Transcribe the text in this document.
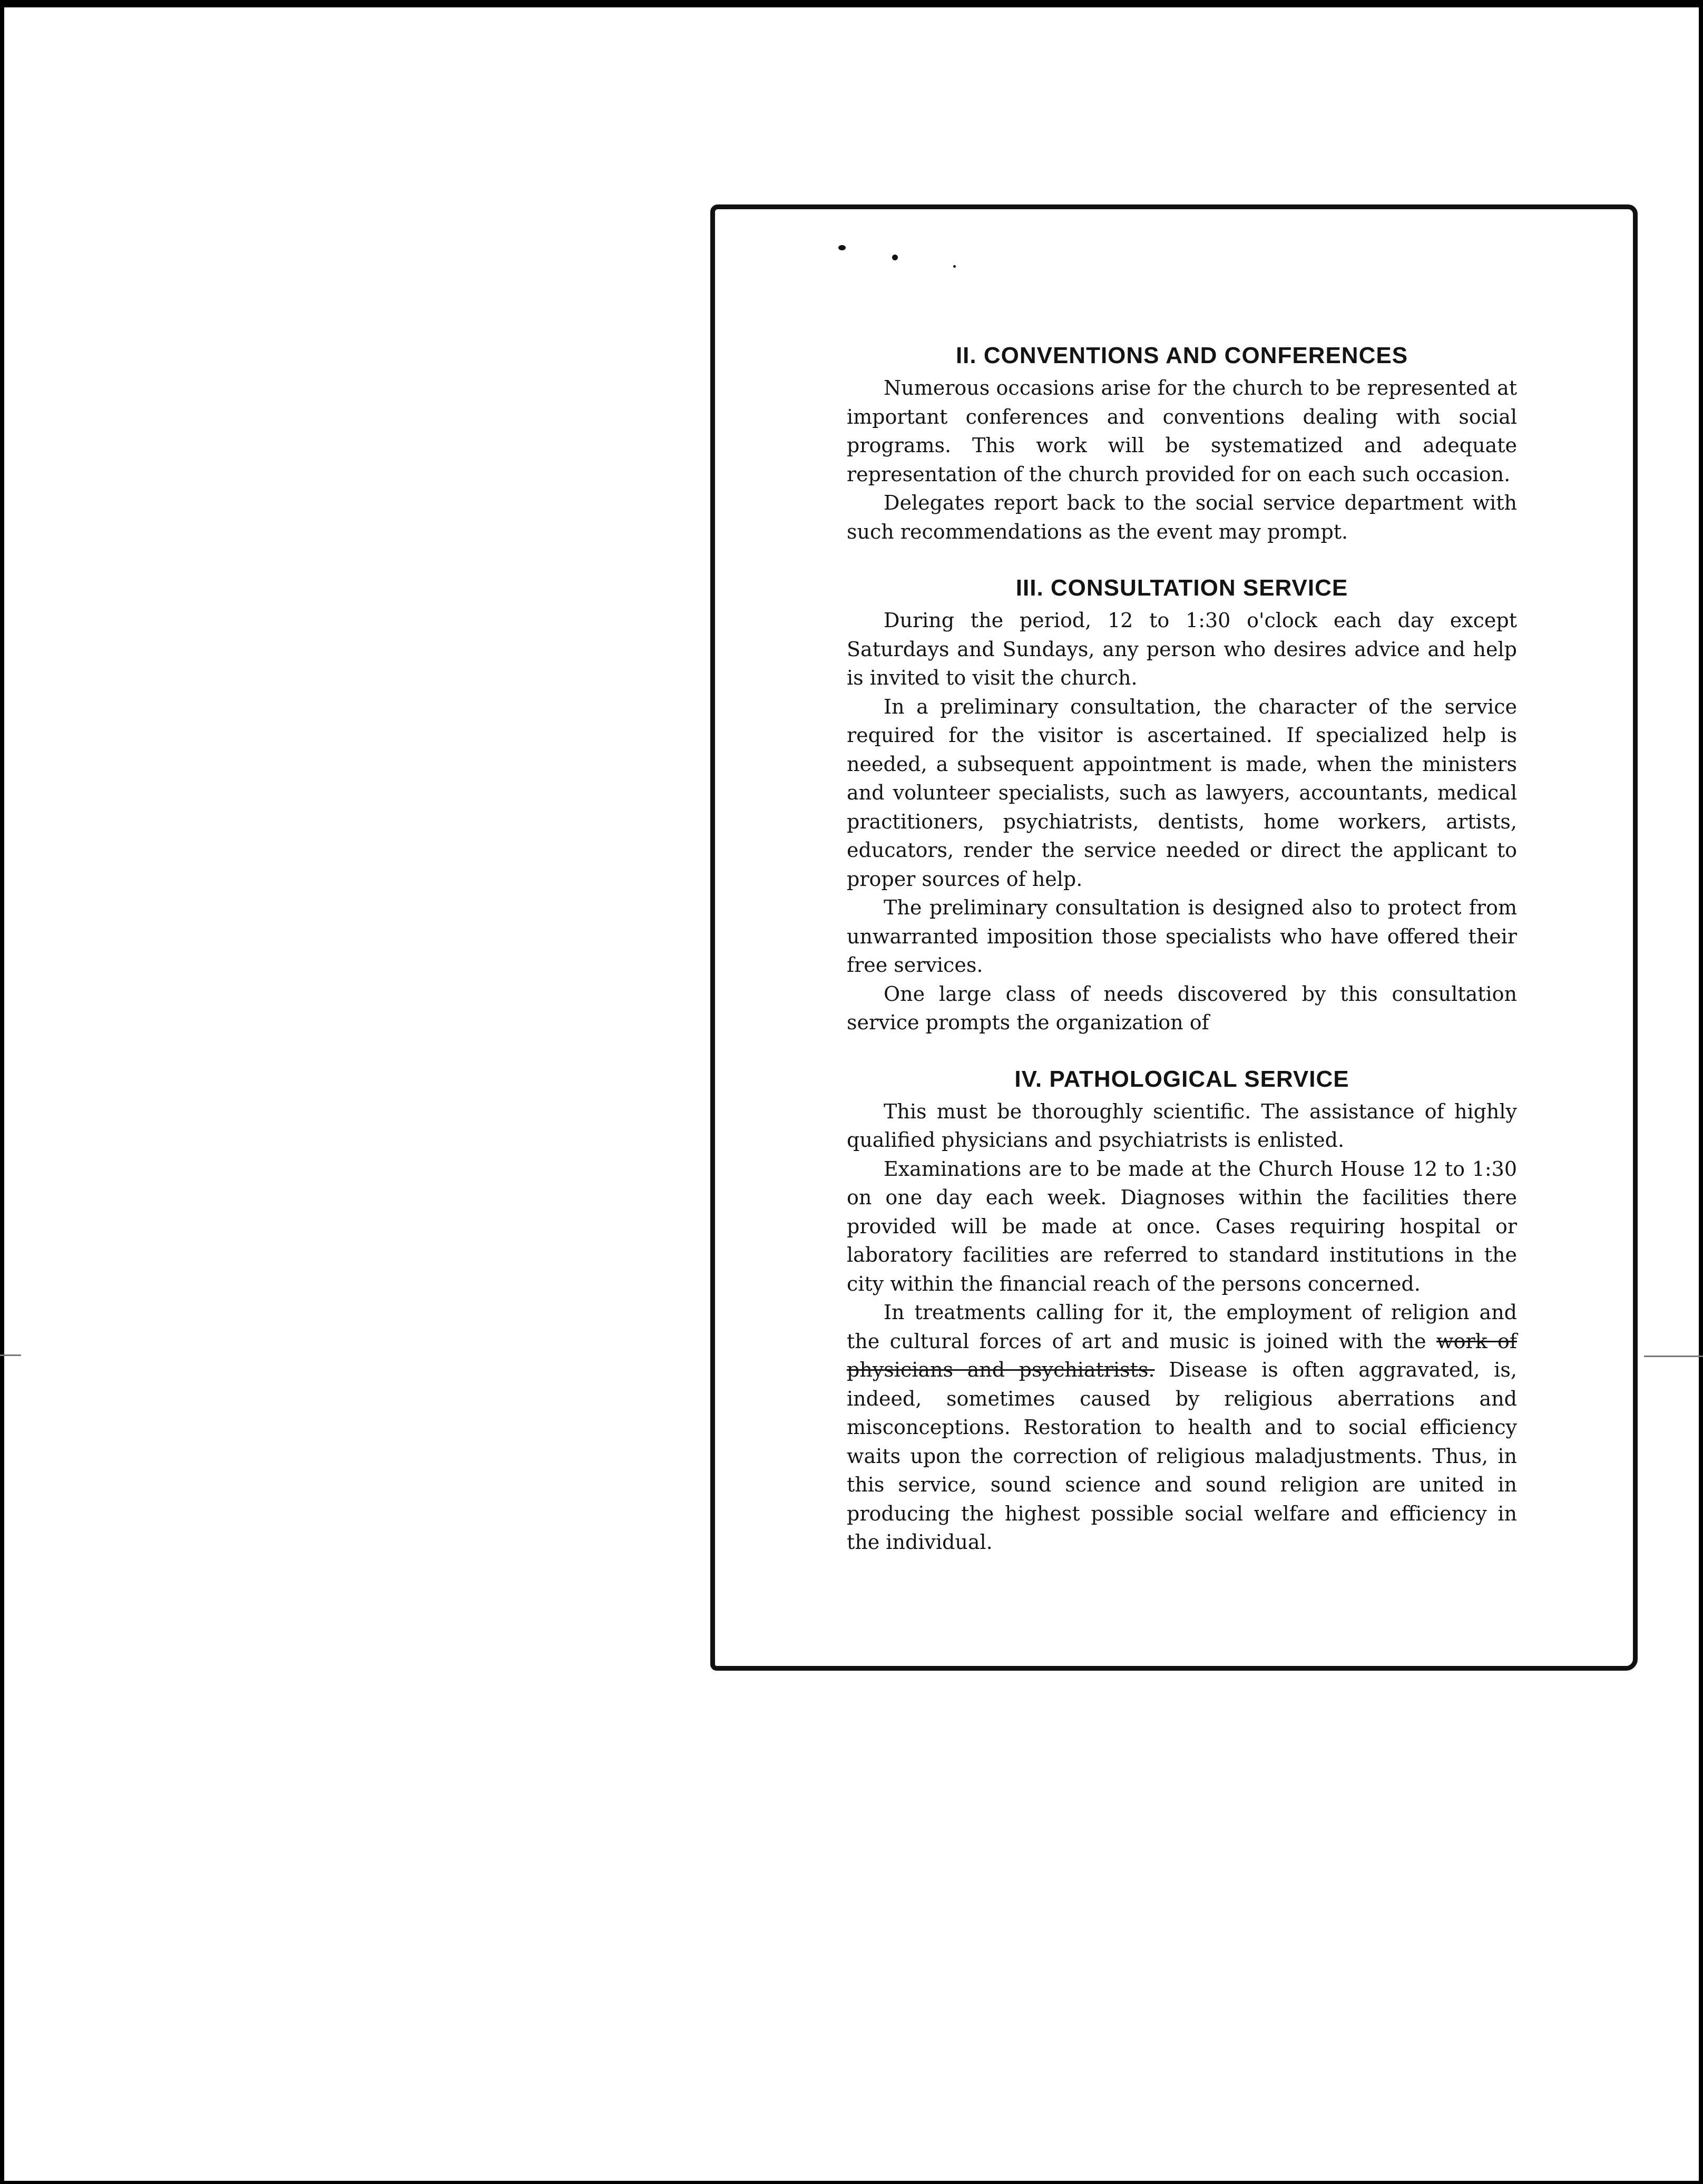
II. CONVENTIONS AND CONFERENCES

Numerous occasions arise for the church to be represented at important conferences and conventions dealing with social programs. This work will be systematized and adequate representation of the church provided for on each such occasion.

Delegates report back to the social service department with such recommendations as the event may prompt.

III. CONSULTATION SERVICE

During the period, 12 to 1:30 o'clock each day except Saturdays and Sundays, any person who desires advice and help is invited to visit the church.

In a preliminary consultation, the character of the service required for the visitor is ascertained. If specialized help is needed, a subsequent appointment is made, when the ministers and volunteer specialists, such as lawyers, accountants, medical practitioners, psychiatrists, dentists, home workers, artists, educators, render the service needed or direct the applicant to proper sources of help.

The preliminary consultation is designed also to protect from unwarranted imposition those specialists who have offered their free services.

One large class of needs discovered by this consultation service prompts the organization of

IV. PATHOLOGICAL SERVICE

This must be thoroughly scientific. The assistance of highly qualified physicians and psychiatrists is enlisted.

Examinations are to be made at the Church House 12 to 1:30 on one day each week. Diagnoses within the facilities there provided will be made at once. Cases requiring hospital or laboratory facilities are referred to standard institutions in the city within the financial reach of the persons concerned.

In treatments calling for it, the employment of religion and the cultural forces of art and music is joined with the work of physicians and psychiatrists. Disease is often aggravated, is, indeed, sometimes caused by religious aberrations and misconceptions. Restoration to health and to social efficiency waits upon the correction of religious maladjustments. Thus, in this service, sound science and sound religion are united in producing the highest possible social welfare and efficiency in the individual.
